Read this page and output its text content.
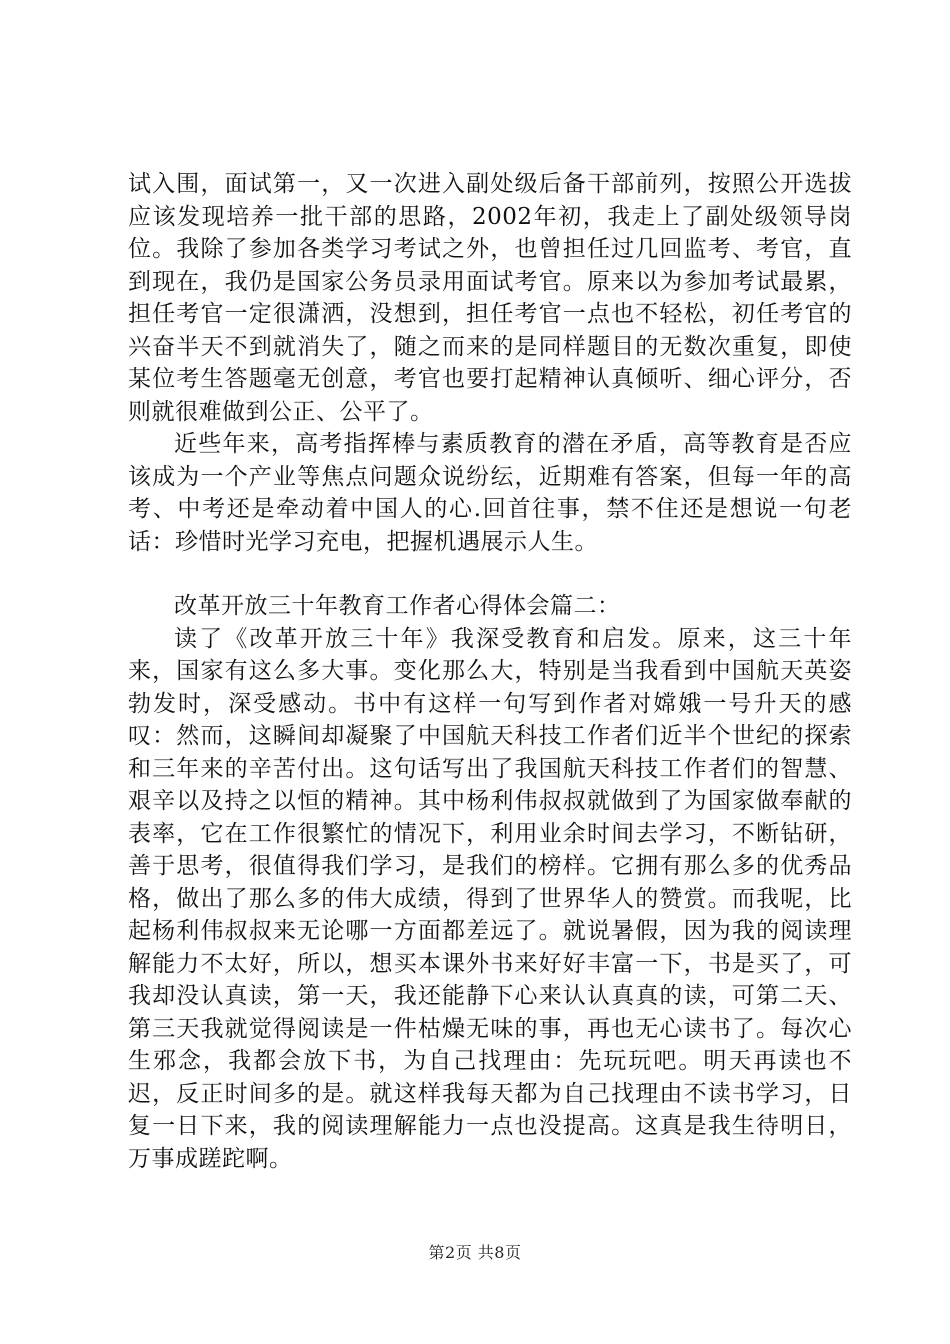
试入围，面试第一，又一次进入副处级后备干部前列，按照公开选拔应该发现培养一批干部的思路，2002年初，我走上了副处级领导岗位。我除了参加各类学习考试之外，也曾担任过几回监考、考官，直到现在，我仍是国家公务员录用面试考官。原来以为参加考试最累，担任考官一定很潇洒，没想到，担任考官一点也不轻松，初任考官的兴奋半天不到就消失了，随之而来的是同样题目的无数次重复，即使某位考生答题毫无创意，考官也要打起精神认真倾听、细心评分，否则就很难做到公正、公平了。

近些年来，高考指挥棒与素质教育的潜在矛盾，高等教育是否应该成为一个产业等焦点问题众说纷纭，近期难有答案，但每一年的高考、中考还是牵动着中国人的心.回首往事，禁不住还是想说一句老话：珍惜时光学习充电，把握机遇展示人生。

改革开放三十年教育工作者心得体会篇二：

读了《改革开放三十年》我深受教育和启发。原来，这三十年来，国家有这么多大事。变化那么大，特别是当我看到中国航天英姿勃发时，深受感动。书中有这样一句写到作者对嫦娥一号升天的感叹：然而，这瞬间却凝聚了中国航天科技工作者们近半个世纪的探索和三年来的辛苦付出。这句话写出了我国航天科技工作者们的智慧、艰辛以及持之以恒的精神。其中杨利伟叔叔就做到了为国家做奉献的表率，它在工作很繁忙的情况下，利用业余时间去学习，不断钻研，善于思考，很值得我们学习，是我们的榜样。它拥有那么多的优秀品格，做出了那么多的伟大成绩，得到了世界华人的赞赏。而我呢，比起杨利伟叔叔来无论哪一方面都差远了。就说暑假，因为我的阅读理解能力不太好，所以，想买本课外书来好好丰富一下，书是买了，可我却没认真读，第一天，我还能静下心来认认真真的读，可第二天、第三天我就觉得阅读是一件枯燥无味的事，再也无心读书了。每次心生邪念，我都会放下书，为自己找理由：先玩玩吧。明天再读也不迟，反正时间多的是。就这样我每天都为自己找理由不读书学习，日复一日下来，我的阅读理解能力一点也没提高。这真是我生待明日，万事成蹉跎啊。

第2页 共8页
